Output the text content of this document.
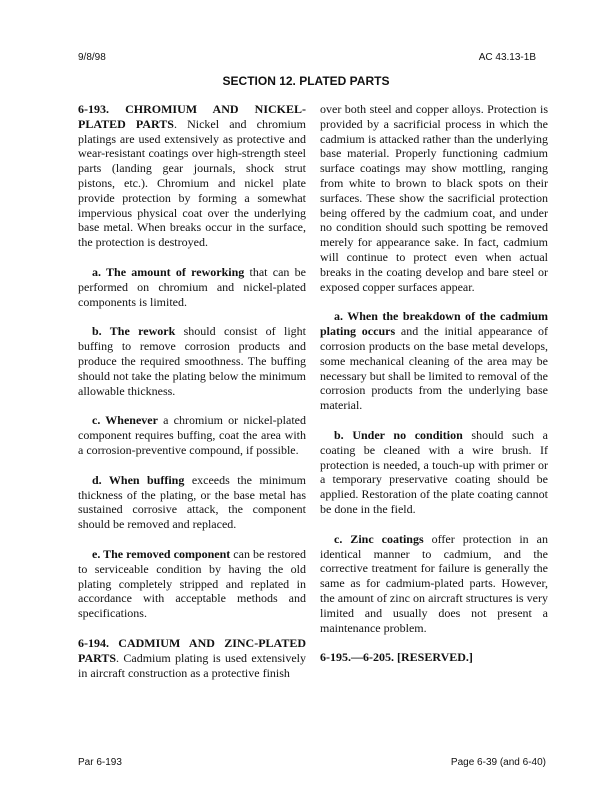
9/8/98	AC 43.13-1B
SECTION 12. PLATED PARTS

6-193. CHROMIUM AND NICKEL-PLATED PARTS. Nickel and chromium platings are used extensively as protective and wear-resistant coatings over high-strength steel parts (landing gear journals, shock strut pistons, etc.). Chromium and nickel plate provide protection by forming a somewhat impervious physical coat over the underlying base metal. When breaks occur in the surface, the protection is destroyed.

a. The amount of reworking that can be performed on chromium and nickel-plated components is limited.

b. The rework should consist of light buffing to remove corrosion products and produce the required smoothness. The buffing should not take the plating below the minimum allowable thickness.

c. Whenever a chromium or nickel-plated component requires buffing, coat the area with a corrosion-preventive compound, if possible.

d. When buffing exceeds the minimum thickness of the plating, or the base metal has sustained corrosive attack, the component should be removed and replaced.

e. The removed component can be restored to serviceable condition by having the old plating completely stripped and replated in accordance with acceptable methods and specifications.

6-194. CADMIUM AND ZINC-PLATED PARTS. Cadmium plating is used extensively in aircraft construction as a protective finish

over both steel and copper alloys. Protection is provided by a sacrificial process in which the cadmium is attacked rather than the underlying base material. Properly functioning cadmium surface coatings may show mottling, ranging from white to brown to black spots on their surfaces. These show the sacrificial protection being offered by the cadmium coat, and under no condition should such spotting be removed merely for appearance sake. In fact, cadmium will continue to protect even when actual breaks in the coating develop and bare steel or exposed copper surfaces appear.

a. When the breakdown of the cadmium plating occurs and the initial appearance of corrosion products on the base metal develops, some mechanical cleaning of the area may be necessary but shall be limited to removal of the corrosion products from the underlying base material.

b. Under no condition should such a coating be cleaned with a wire brush. If protection is needed, a touch-up with primer or a temporary preservative coating should be applied. Restoration of the plate coating cannot be done in the field.

c. Zinc coatings offer protection in an identical manner to cadmium, and the corrective treatment for failure is generally the same as for cadmium-plated parts. However, the amount of zinc on aircraft structures is very limited and usually does not present a maintenance problem.

6-195.—6-205. [RESERVED.]

Par 6-193	Page 6-39 (and 6-40)
